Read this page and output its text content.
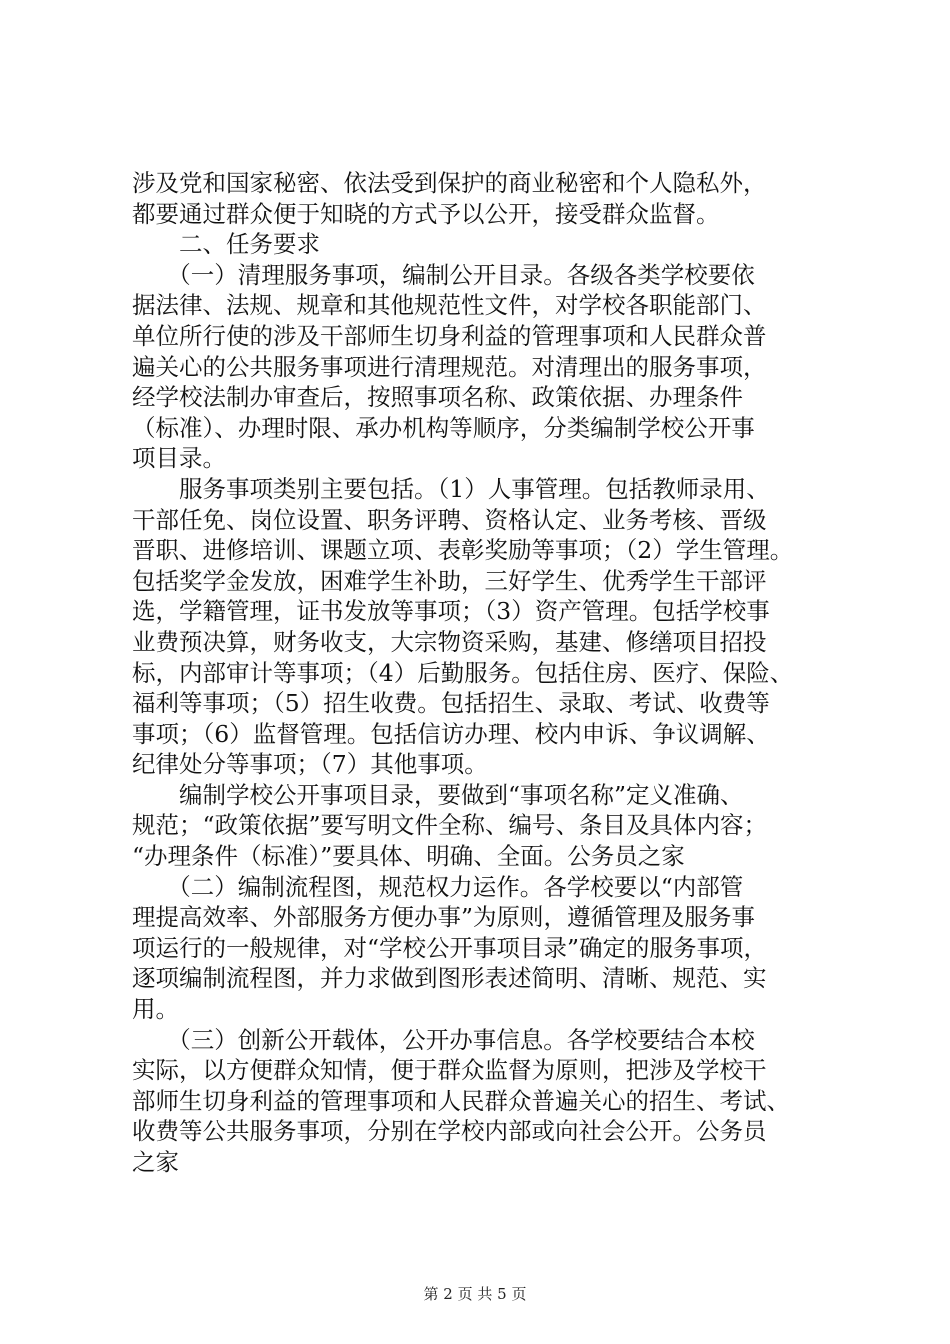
涉及党和国家秘密、依法受到保护的商业秘密和个人隐私外，
都要通过群众便于知晓的方式予以公开，接受群众监督。
　　二、任务要求
　　（一）清理服务事项，编制公开目录。各级各类学校要依
据法律、法规、规章和其他规范性文件，对学校各职能部门、
单位所行使的涉及干部师生切身利益的管理事项和人民群众普
遍关心的公共服务事项进行清理规范。对清理出的服务事项，
经学校法制办审查后，按照事项名称、政策依据、办理条件
（标准）、办理时限、承办机构等顺序，分类编制学校公开事
项目录。
　　服务事项类别主要包括。（1）人事管理。包括教师录用、
干部任免、岗位设置、职务评聘、资格认定、业务考核、晋级
晋职、进修培训、课题立项、表彰奖励等事项；（2）学生管理。
包括奖学金发放，困难学生补助，三好学生、优秀学生干部评
选，学籍管理，证书发放等事项；（3）资产管理。包括学校事
业费预决算，财务收支，大宗物资采购，基建、修缮项目招投
标，内部审计等事项；（4）后勤服务。包括住房、医疗、保险、
福利等事项；（5）招生收费。包括招生、录取、考试、收费等
事项；（6）监督管理。包括信访办理、校内申诉、争议调解、
纪律处分等事项；（7）其他事项。
　　编制学校公开事项目录，要做到“事项名称”定义准确、
规范；“政策依据”要写明文件全称、编号、条目及具体内容；
“办理条件（标准）”要具体、明确、全面。公务员之家
　　（二）编制流程图，规范权力运作。各学校要以“内部管
理提高效率、外部服务方便办事”为原则，遵循管理及服务事
项运行的一般规律，对“学校公开事项目录”确定的服务事项，
逐项编制流程图，并力求做到图形表述简明、清晰、规范、实
用。
　　（三）创新公开载体，公开办事信息。各学校要结合本校
实际，以方便群众知情，便于群众监督为原则，把涉及学校干
部师生切身利益的管理事项和人民群众普遍关心的招生、考试、
收费等公共服务事项，分别在学校内部或向社会公开。公务员
之家
第 2 页 共 5 页
